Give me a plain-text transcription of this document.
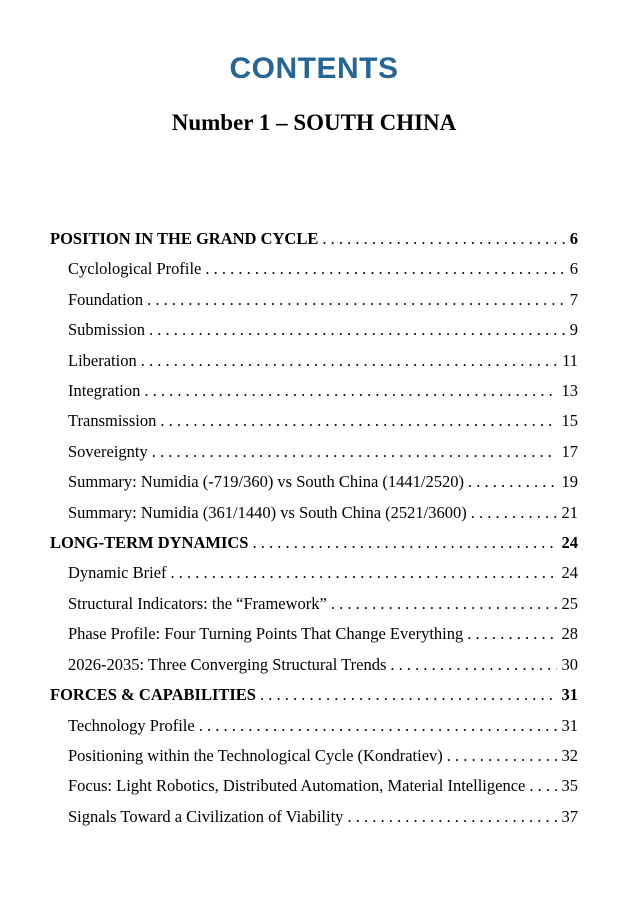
CONTENTS
Number 1 – SOUTH CHINA
POSITION IN THE GRAND CYCLE . . .	6
Cyclological Profile . . .	6
Foundation . . .	7
Submission . . .	9
Liberation . . .	11
Integration . . .	13
Transmission . . .	15
Sovereignty . . .	17
Summary: Numidia (-719/360) vs South China (1441/2520) . . .	19
Summary: Numidia (361/1440) vs South China (2521/3600) . . .	21
LONG-TERM DYNAMICS . . .	24
Dynamic Brief . . .	24
Structural Indicators: the “Framework” . . .	25
Phase Profile: Four Turning Points That Change Everything . . .	28
2026-2035: Three Converging Structural Trends . . .	30
FORCES & CAPABILITIES . . .	31
Technology Profile . . .	31
Positioning within the Technological Cycle (Kondratiev) . . .	32
Focus: Light Robotics, Distributed Automation, Material Intelligence . . . 35
Signals Toward a Civilization of Viability . . .	37
